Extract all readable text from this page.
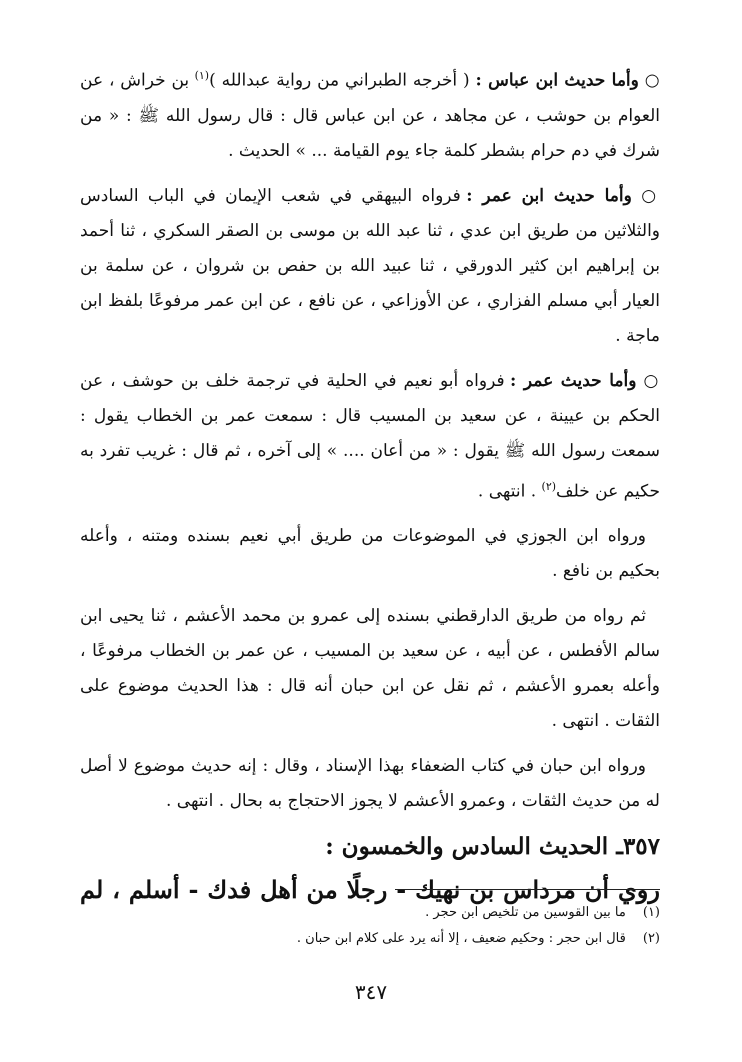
○ وأما حديث ابن عباس : ( أخرجه الطبراني من رواية عبدالله )$^{(١)}$ بن خراش ، عن العوام بن حوشب ، عن مجاهد ، عن ابن عباس قال : قال رسول الله ﷺ : « من شرك في دم حرام بشطر كلمة جاء يوم القيامة ... » الحديث .

○ وأما حديث ابن عمر : فرواه البيهقي في شعب الإيمان في الباب السادس والثلاثين من طريق ابن عدي ، ثنا عبد الله بن موسى بن الصقر السكري ، ثنا أحمد بن إبراهيم ابن كثير الدورقي ، ثنا عبيد الله بن حفص بن شروان ، عن سلمة بن العيار أبي مسلم الفزاري ، عن الأوزاعي ، عن نافع ، عن ابن عمر مرفوعًا بلفظ ابن ماجة .

○ وأما حديث عمر : فرواه أبو نعيم في الحلية في ترجمة خلف بن حوشف ، عن الحكم بن عيينة ، عن سعيد بن المسيب قال : سمعت عمر بن الخطاب يقول : سمعت رسول الله ﷺ يقول : « من أعان .... » إلى آخره ، ثم قال : غريب تفرد به حكيم عن خلف$^{(٢)}$ . انتهى .

ورواه ابن الجوزي في الموضوعات من طريق أبي نعيم بسنده ومتنه ، وأعله بحكيم بن نافع .

ثم رواه من طريق الدارقطني بسنده إلى عمرو بن محمد الأعشم ، ثنا يحيى ابن سالم الأفطس ، عن أبيه ، عن سعيد بن المسيب ، عن عمر بن الخطاب مرفوعًا ، وأعله بعمرو الأعشم ، ثم نقل عن ابن حبان أنه قال : هذا الحديث موضوع على الثقات . انتهى .

ورواه ابن حبان في كتاب الضعفاء بهذا الإسناد ، وقال : إنه حديث موضوع لا أصل له من حديث الثقات ، وعمرو الأعشم لا يجوز الاحتجاج به بحال . انتهى .

٣٥٧ـ الحديث السادس والخمسون :

روي أن مرداس بن نهيك - رجلًا من أهل فدك - أسلم ، لم

(١) ما بين القوسين من تلخيص ابن حجر .

(٢) قال ابن حجر : وحكيم ضعيف ، إلا أنه يرد على كلام ابن حبان .

٣٤٧
